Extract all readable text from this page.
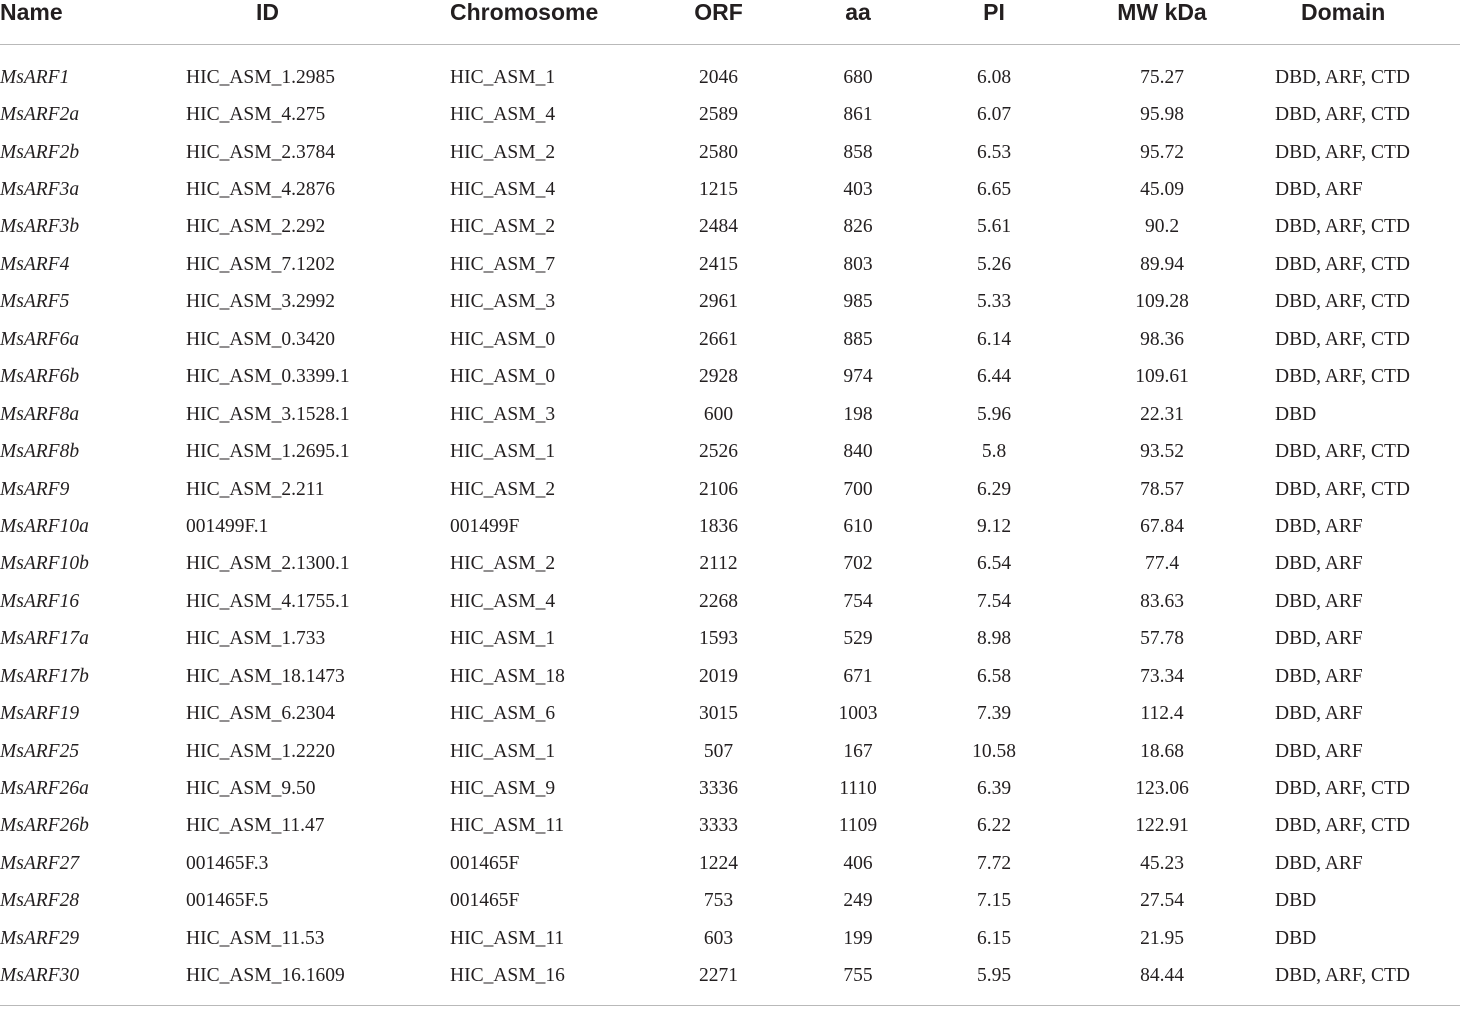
Name	ID	Chromosome	ORF	aa	PI	MW kDa	Domain
MsARF1	HIC_ASM_1.2985	HIC_ASM_1	2046	680	6.08	75.27	DBD, ARF, CTD
MsARF2a	HIC_ASM_4.275	HIC_ASM_4	2589	861	6.07	95.98	DBD, ARF, CTD
MsARF2b	HIC_ASM_2.3784	HIC_ASM_2	2580	858	6.53	95.72	DBD, ARF, CTD
MsARF3a	HIC_ASM_4.2876	HIC_ASM_4	1215	403	6.65	45.09	DBD, ARF
MsARF3b	HIC_ASM_2.292	HIC_ASM_2	2484	826	5.61	90.2	DBD, ARF, CTD
MsARF4	HIC_ASM_7.1202	HIC_ASM_7	2415	803	5.26	89.94	DBD, ARF, CTD
MsARF5	HIC_ASM_3.2992	HIC_ASM_3	2961	985	5.33	109.28	DBD, ARF, CTD
MsARF6a	HIC_ASM_0.3420	HIC_ASM_0	2661	885	6.14	98.36	DBD, ARF, CTD
MsARF6b	HIC_ASM_0.3399.1	HIC_ASM_0	2928	974	6.44	109.61	DBD, ARF, CTD
MsARF8a	HIC_ASM_3.1528.1	HIC_ASM_3	600	198	5.96	22.31	DBD
MsARF8b	HIC_ASM_1.2695.1	HIC_ASM_1	2526	840	5.8	93.52	DBD, ARF, CTD
MsARF9	HIC_ASM_2.211	HIC_ASM_2	2106	700	6.29	78.57	DBD, ARF, CTD
MsARF10a	001499F.1	001499F	1836	610	9.12	67.84	DBD, ARF
MsARF10b	HIC_ASM_2.1300.1	HIC_ASM_2	2112	702	6.54	77.4	DBD, ARF
MsARF16	HIC_ASM_4.1755.1	HIC_ASM_4	2268	754	7.54	83.63	DBD, ARF
MsARF17a	HIC_ASM_1.733	HIC_ASM_1	1593	529	8.98	57.78	DBD, ARF
MsARF17b	HIC_ASM_18.1473	HIC_ASM_18	2019	671	6.58	73.34	DBD, ARF
MsARF19	HIC_ASM_6.2304	HIC_ASM_6	3015	1003	7.39	112.4	DBD, ARF
MsARF25	HIC_ASM_1.2220	HIC_ASM_1	507	167	10.58	18.68	DBD, ARF
MsARF26a	HIC_ASM_9.50	HIC_ASM_9	3336	1110	6.39	123.06	DBD, ARF, CTD
MsARF26b	HIC_ASM_11.47	HIC_ASM_11	3333	1109	6.22	122.91	DBD, ARF, CTD
MsARF27	001465F.3	001465F	1224	406	7.72	45.23	DBD, ARF
MsARF28	001465F.5	001465F	753	249	7.15	27.54	DBD
MsARF29	HIC_ASM_11.53	HIC_ASM_11	603	199	6.15	21.95	DBD
MsARF30	HIC_ASM_16.1609	HIC_ASM_16	2271	755	5.95	84.44	DBD, ARF, CTD
